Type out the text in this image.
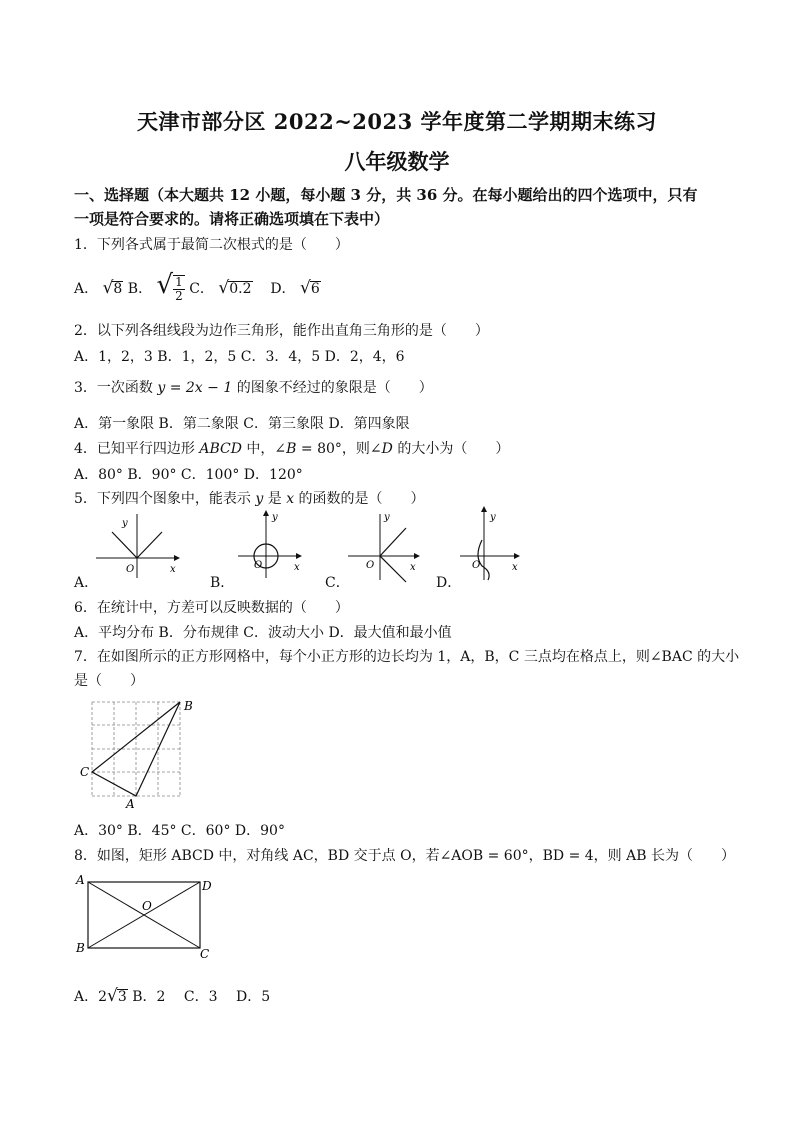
天津市部分区 2022~2023 学年度第二学期期末练习
八年级数学
一、选择题（本大题共 12 小题，每小题 3 分，共 36 分。在每小题给出的四个选项中，只有
一项是符合要求的。请将正确选项填在下表中）
1．下列各式属于最简二次根式的是（　　）
A． √8 B． √ $\frac{1}{2}$ C． √0.2 D． √6
2．以下列各组线段为边作三角形，能作出直角三角形的是（　　）
A．1，2，3 B．1，2，5 C．3．4，5 D．2，4，6
3．一次函数 y = 2x − 1 的图象不经过的象限是（　　）
A．第一象限 B．第二象限 C．第三象限 D．第四象限
4．已知平行四边形 ABCD 中，∠B = 80°，则∠D 的大小为（　　）
A．80° B．90° C．100° D．120°
5．下列四个图象中，能表示 y 是 x 的函数的是（　　）
A．
y
O	x
B．
y
O	x
C．
y
O	x
D．
y
O	x
6．在统计中，方差可以反映数据的（　　）
A．平均分布 B．分布规律 C．波动大小 D．最大值和最小值
7．在如图所示的正方形网格中，每个小正方形的边长均为 1，A，B，C 三点均在格点上，则∠BAC 的大小
是（　　）
C
B
A
A．30° B．45° C．60° D．90°
8．如图，矩形 ABCD 中，对角线 AC，BD 交于点 O，若∠AOB = 60°，BD = 4，则 AB 长为（　　）
A	D
B	C
O
A．2√3 B．2　 C．3　 D．5
